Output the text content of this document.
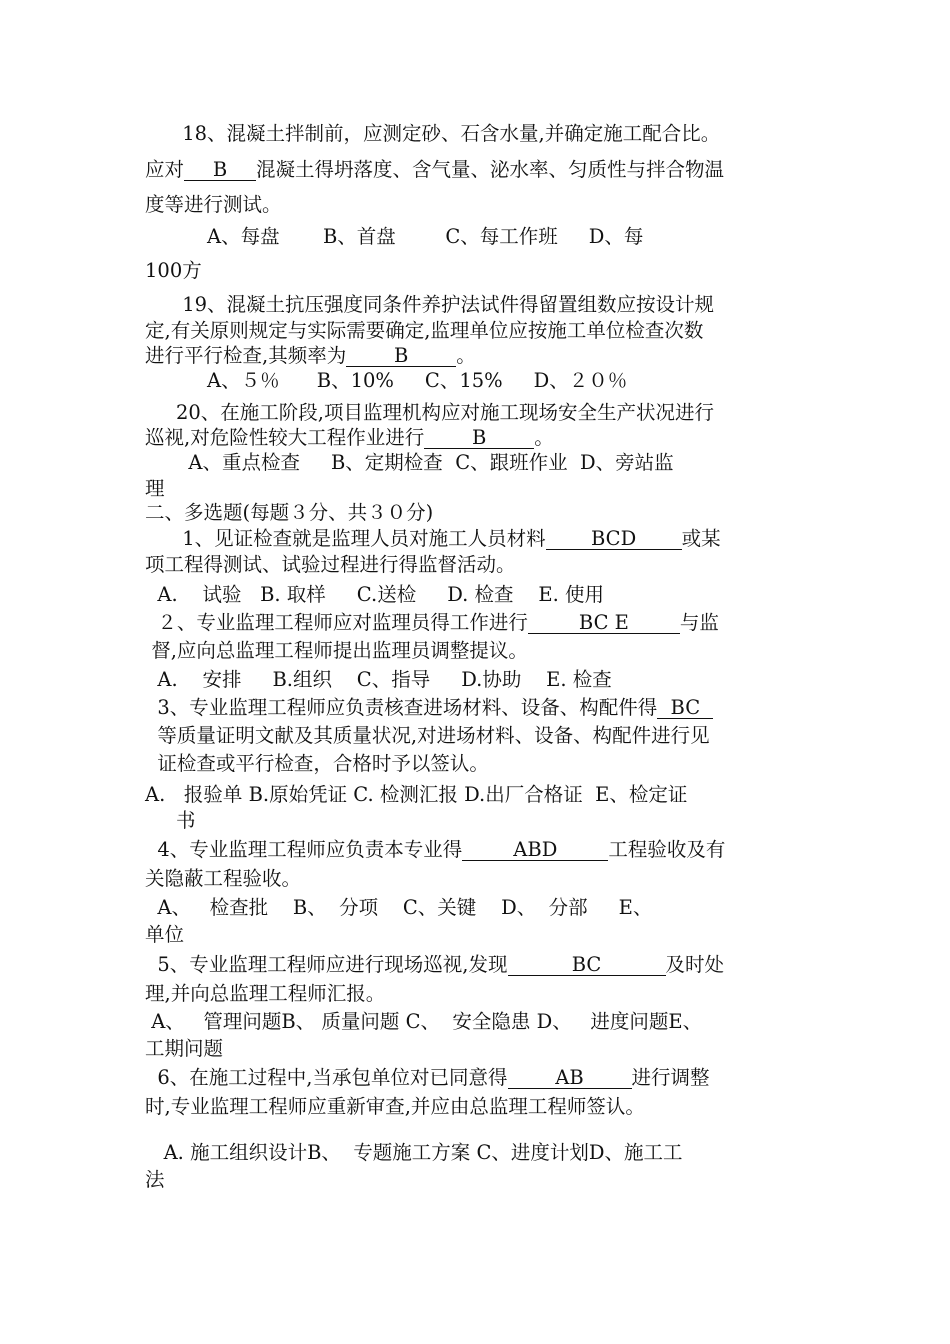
18、混凝土拌制前，应测定砂、石含水量,并确定施工配合比。
应对 B 混凝土得坍落度、含气量、泌水率、匀质性与拌合物温
度等进行测试。
A、每盘       B、首盘        C、每工作班     D、每
100方
19、混凝土抗压强度同条件养护法试件得留置组数应按设计规
定,有关原则规定与实际需要确定,监理单位应按施工单位检查次数
进行平行检查,其频率为 B 。
A、５％      B、10%     C、15%     D、２０％
20、在施工阶段,项目监理机构应对施工现场安全生产状况进行
巡视,对危险性较大工程作业进行 B 。
A、重点检查     B、定期检查  C、跟班作业  D、旁站监
理
二、多选题(每题３分、共３０分)
1、见证检查就是监理人员对施工人员材料 BCD 或某
项工程得测试、试验过程进行得监督活动。
A.    试验   B. 取样     C.送检     D. 检查    E. 使用
２、专业监理工程师应对监理员得工作进行	BC E	与监
督,应向总监理工程师提出监理员调整提议。
A.    安排     B.组织    C、指导     D.协助    E. 检查
3、专业监理工程师应负责核查进场材料、设备、构配件得 BC
等质量证明文献及其质量状况,对进场材料、设备、构配件进行见
证检查或平行检查，合格时予以签认。
A.   报验单 B.原始凭证 C. 检测汇报 D.出厂合格证  E、检定证
书
4、专业监理工程师应负责本专业得	ABD	工程验收及有
关隐蔽工程验收。
A、   检查批    B、  分项    C、关键    D、  分部     E、
单位
5、专业监理工程师应进行现场巡视,发现	BC	及时处
理,并向总监理工程师汇报。
A、   管理问题B、 质量问题 C、  安全隐患 D、   进度问题E、
工期问题
6、在施工过程中,当承包单位对已同意得 AB 进行调整
时,专业监理工程师应重新审查,并应由总监理工程师签认。
A. 施工组织设计B、  专题施工方案 C、进度计划D、施工工
法
